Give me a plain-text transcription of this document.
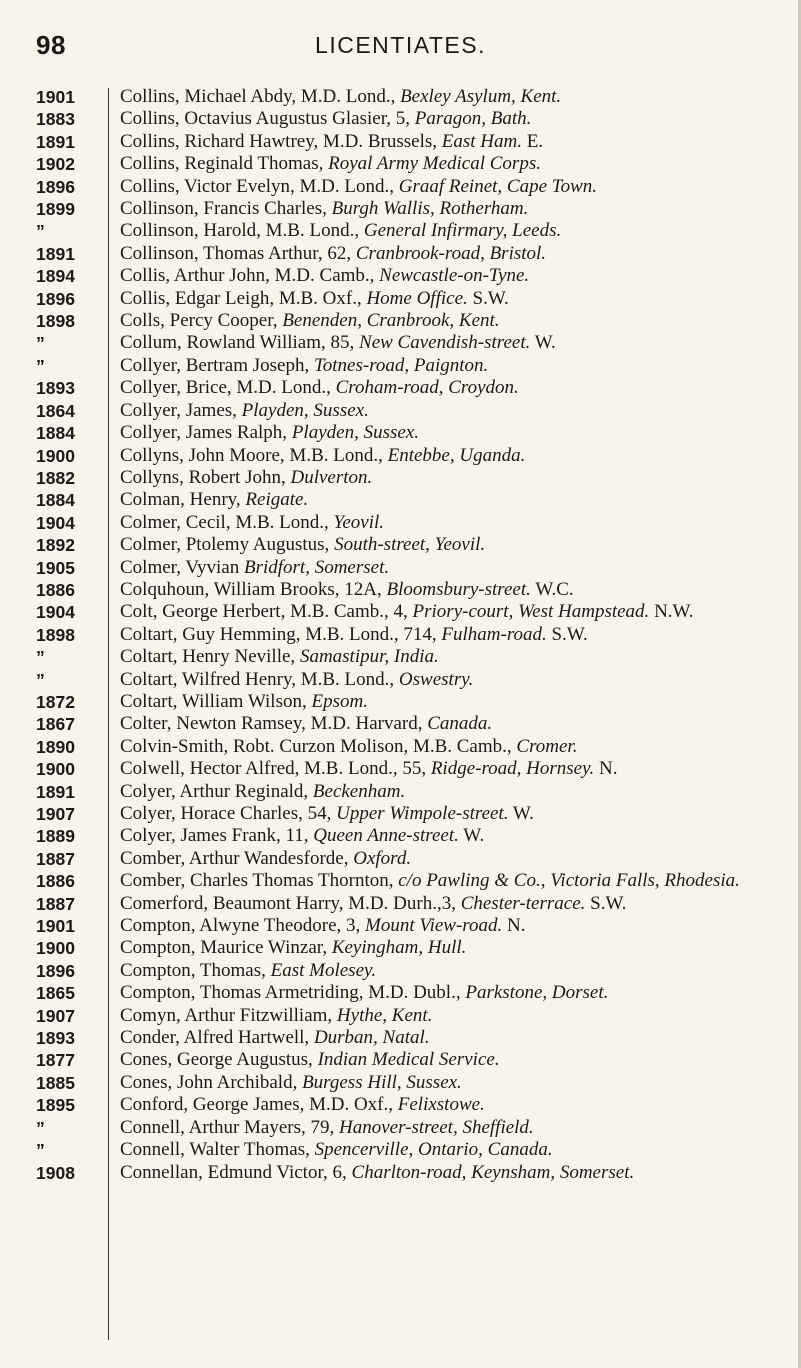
98	LICENTIATES.
1901	Collins, Michael Abdy, M.D. Lond., Bexley Asylum, Kent.
1883	Collins, Octavius Augustus Glasier, 5, Paragon, Bath.
1891	Collins, Richard Hawtrey, M.D. Brussels, East Ham. E.
1902	Collins, Reginald Thomas, Royal Army Medical Corps.
1896	Collins, Victor Evelyn, M.D. Lond., Graaf Reinet, Cape Town.
1899	Collinson, Francis Charles, Burgh Wallis, Rotherham.
”	Collinson, Harold, M.B. Lond., General Infirmary, Leeds.
1891	Collinson, Thomas Arthur, 62, Cranbrook-road, Bristol.
1894	Collis, Arthur John, M.D. Camb., Newcastle-on-Tyne.
1896	Collis, Edgar Leigh, M.B. Oxf., Home Office. S.W.
1898	Colls, Percy Cooper, Benenden, Cranbrook, Kent.
”	Collum, Rowland William, 85, New Cavendish-street. W.
”	Collyer, Bertram Joseph, Totnes-road, Paignton.
1893	Collyer, Brice, M.D. Lond., Croham-road, Croydon.
1864	Collyer, James, Playden, Sussex.
1884	Collyer, James Ralph, Playden, Sussex.
1900	Collyns, John Moore, M.B. Lond., Entebbe, Uganda.
1882	Collyns, Robert John, Dulverton.
1884	Colman, Henry, Reigate.
1904	Colmer, Cecil, M.B. Lond., Yeovil.
1892	Colmer, Ptolemy Augustus, South-street, Yeovil.
1905	Colmer, Vyvian Bridfort, Somerset.
1886	Colquhoun, William Brooks, 12A, Bloomsbury-street. W.C.
1904	Colt, George Herbert, M.B. Camb., 4, Priory-court, West Hampstead. N.W.
1898	Coltart, Guy Hemming, M.B. Lond., 714, Fulham-road. S.W.
”	Coltart, Henry Neville, Samastipur, India.
”	Coltart, Wilfred Henry, M.B. Lond., Oswestry.
1872	Coltart, William Wilson, Epsom.
1867	Colter, Newton Ramsey, M.D. Harvard, Canada.
1890	Colvin-Smith, Robt. Curzon Molison, M.B. Camb., Cromer.
1900	Colwell, Hector Alfred, M.B. Lond., 55, Ridge-road, Hornsey. N.
1891	Colyer, Arthur Reginald, Beckenham.
1907	Colyer, Horace Charles, 54, Upper Wimpole-street. W.
1889	Colyer, James Frank, 11, Queen Anne-street. W.
1887	Comber, Arthur Wandesforde, Oxford.
1886	Comber, Charles Thomas Thornton, c/o Pawling & Co., Victoria Falls, Rhodesia.
1887	Comerford, Beaumont Harry, M.D. Durh.,3, Chester-terrace. S.W.
1901	Compton, Alwyne Theodore, 3, Mount View-road. N.
1900	Compton, Maurice Winzar, Keyingham, Hull.
1896	Compton, Thomas, East Molesey.
1865	Compton, Thomas Armetriding, M.D. Dubl., Parkstone, Dorset.
1907	Comyn, Arthur Fitzwilliam, Hythe, Kent.
1893	Conder, Alfred Hartwell, Durban, Natal.
1877	Cones, George Augustus, Indian Medical Service.
1885	Cones, John Archibald, Burgess Hill, Sussex.
1895	Conford, George James, M.D. Oxf., Felixstowe.
”	Connell, Arthur Mayers, 79, Hanover-street, Sheffield.
”	Connell, Walter Thomas, Spencerville, Ontario, Canada.
1908	Connellan, Edmund Victor, 6, Charlton-road, Keynsham, Somerset.
